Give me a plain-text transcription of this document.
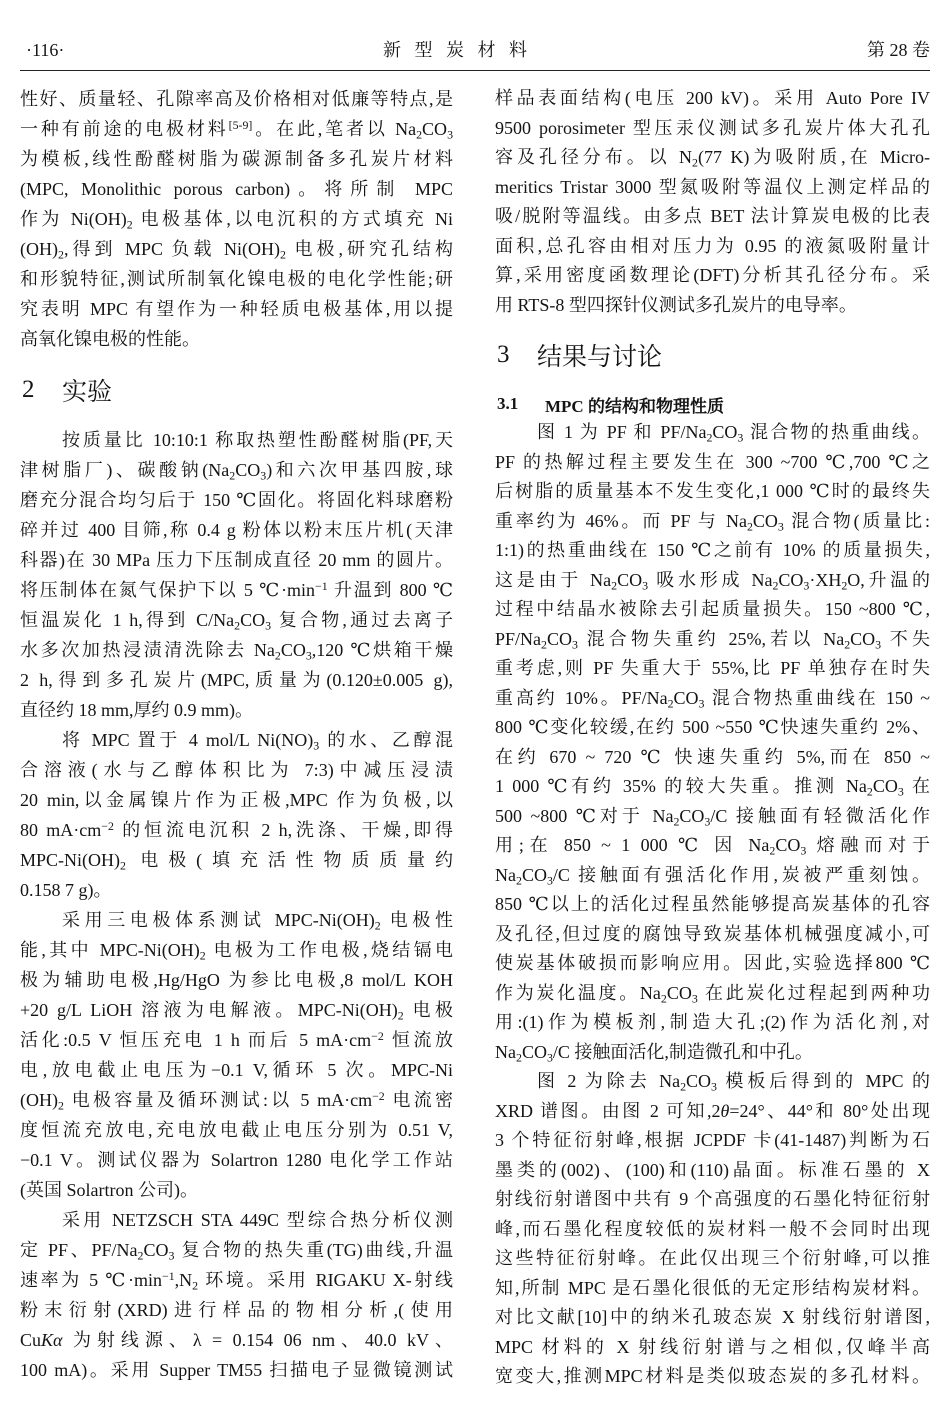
·116·	新 型 炭 材 料	第 28 卷
性好、质量轻、孔隙率高及价格相对低廉等特点,是
一种有前途的电极材料[5-9]。在此,笔者以 $Na_2CO_3$
为模板,线性酚醛树脂为碳源制备多孔炭片材料
(MPC, Monolithic porous carbon)。将所制 MPC
作为 $Ni(OH)_2$ 电极基体,以电沉积的方式填充 Ni
$(OH)_2$,得到 MPC 负载 $Ni(OH)_2$ 电极,研究孔结构
和形貌特征,测试所制氧化镍电极的电化学性能;研
究表明 MPC 有望作为一种轻质电极基体,用以提
高氧化镍电极的性能。
2	实验
按质量比 10:10:1 称取热塑性酚醛树脂(PF,天
津树脂厂)、碳酸钠$(Na_2CO_3)$和六次甲基四胺,球
磨充分混合均匀后于 150 ℃固化。将固化料球磨粉
碎并过 400 目筛,称 0.4 g 粉体以粉末压片机(天津
科器)在 30 MPa 压力下压制成直径 20 mm 的圆片。
将压制体在氮气保护下以 5 $℃\cdot\min^{-1}$ 升温到 800 ℃
恒温炭化 1 h,得到 $C/Na_2CO_3$ 复合物,通过去离子
水多次加热浸渍清洗除去 $Na_2CO_3,120$ ℃烘箱干燥
2 h,得到多孔炭片(MPC,质量为(0.120±0.005 g),
直径约 18 mm,厚约 0.9 mm)。
将 MPC 置于 4 mol/L $Ni(NO)_3$ 的水、乙醇混
合溶液(水与乙醇体积比为 7:3)中减压浸渍
20 min,以金属镍片作为正极,MPC 作为负极,以
80 $mA\cdot cm^{-2}$ 的恒流电沉积 2 h,洗涤、干燥,即得
MPC-$Ni(OH)_2$ 电极(填充活性物质质量约
0.158 7 g)。
采用三电极体系测试 MPC-$Ni(OH)_2$ 电极性
能,其中 MPC-$Ni(OH)_2$ 电极为工作电极,烧结镉电
极为辅助电极,Hg/HgO 为参比电极,8 mol/L KOH
+20 g/L LiOH 溶液为电解液。MPC-$Ni(OH)_2$ 电极
活化:0.5 V 恒压充电 1 h 而后 5 $mA\cdot cm^{-2}$ 恒流放
电,放电截止电压为−0.1 V,循环 5 次。MPC-Ni
$(OH)_2$ 电极容量及循环测试:以 5 $mA\cdot cm^{-2}$ 电流密
度恒流充放电,充电放电截止电压分别为 0.51 V,
−0.1 V。测试仪器为 Solartron 1280 电化学工作站
(英国 Solartron 公司)。
采用 NETZSCH STA 449C 型综合热分析仪测
定 PF、$PF/Na_2CO_3$ 复合物的热失重(TG)曲线,升温
速率为 5 $℃\cdot\min^{-1},N_2$ 环境。采用 RIGAKU X-射线
粉末衍射(XRD)进行样品的物相分析,(使用
CuKα 为射线源、λ = 0.154 06 nm、40.0 kV、
100 mA)。采用 Supper TM55 扫描电子显微镜测试
样品表面结构(电压 200 kV)。采用 Auto Pore IV
9500 porosimeter 型压汞仪测试多孔炭片体大孔孔
容及孔径分布。以 $N_2(77$ K)为吸附质,在 Micro-
meritics Tristar 3000 型氮吸附等温仪上测定样品的
吸/脱附等温线。由多点 BET 法计算炭电极的比表
面积,总孔容由相对压力为 0.95 的液氮吸附量计
算,采用密度函数理论(DFT)分析其孔径分布。采
用 RTS-8 型四探针仪测试多孔炭片的电导率。
3	结果与讨论
3.1	MPC 的结构和物理性质
图 1 为 PF 和 $PF/Na_2CO_3$ 混合物的热重曲线。
PF 的热解过程主要发生在 300 ~700 ℃,700 ℃之
后树脂的质量基本不发生变化,1 000 ℃时的最终失
重率约为 46%。而 PF 与 $Na_2CO_3$ 混合物(质量比:
1:1)的热重曲线在 150 ℃之前有 10% 的质量损失,
这是由于 $Na_2CO_3$ 吸水形成 $Na_2CO_3\cdot XH_2O$,升温的
过程中结晶水被除去引起质量损失。150 ~800 ℃,
$PF/Na_2CO_3$ 混合物失重约 25%,若以 $Na_2CO_3$ 不失
重考虑,则 PF 失重大于 55%,比 PF 单独存在时失
重高约 10%。$PF/Na_2CO_3$ 混合物热重曲线在 150 ~
800 ℃变化较缓,在约 500 ~550 ℃快速失重约 2%、
在约 670 ~ 720 ℃ 快速失重约 5%,而在 850 ~
1 000 ℃有约 35% 的较大失重。推测 $Na_2CO_3$ 在
500 ~800 ℃对于 $Na_2CO_3/C$ 接触面有轻微活化作
用;在 850 ~ 1 000 ℃ 因 $Na_2CO_3$ 熔融而对于
$Na_2CO_3/C$ 接触面有强活化作用,炭被严重刻蚀。
850 ℃以上的活化过程虽然能够提高炭基体的孔容
及孔径,但过度的腐蚀导致炭基体机械强度减小,可
使炭基体破损而影响应用。因此,实验选择800 ℃
作为炭化温度。$Na_2CO_3$ 在此炭化过程起到两种功
用:(1)作为模板剂,制造大孔;(2)作为活化剂,对
$Na_2CO_3/C$ 接触面活化,制造微孔和中孔。
图 2 为除去 $Na_2CO_3$ 模板后得到的 MPC 的
XRD 谱图。由图 2 可知,2θ=24°、44°和 80°处出现
3 个特征衍射峰,根据 JCPDF 卡(41-1487)判断为石
墨类的(002)、(100)和(110)晶面。标准石墨的 X
射线衍射谱图中共有 9 个高强度的石墨化特征衍射
峰,而石墨化程度较低的炭材料一般不会同时出现
这些特征衍射峰。在此仅出现三个衍射峰,可以推
知,所制 MPC 是石墨化很低的无定形结构炭材料。
对比文献[10]中的纳米孔玻态炭 X 射线衍射谱图,
MPC 材料的 X 射线衍射谱与之相似,仅峰半高
宽变大,推测MPC材料是类似玻态炭的多孔材料。
